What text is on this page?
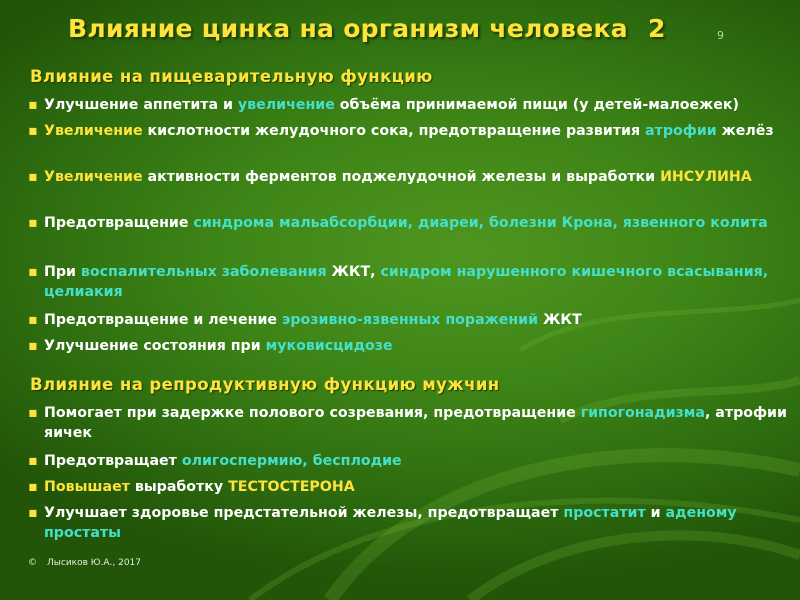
Влияние цинка на организм человека 2	9
Влияние на пищеварительную функцию
▪ Улучшение аппетита и увеличение объёма принимаемой пищи (у детей-малоежек)
▪ Увеличение кислотности желудочного сока, предотвращение развития атрофии желёз
▪ Увеличение активности ферментов поджелудочной железы и выработки ИНСУЛИНА
▪ Предотвращение синдрома мальабсорбции, диареи, болезни Крона, язвенного колита
▪ При воспалительных заболевания ЖКТ, синдром нарушенного кишечного всасывания, целиакия
▪ Предотвращение и лечение эрозивно-язвенных поражений ЖКТ
▪ Улучшение состояния при муковисцидозе
Влияние на репродуктивную функцию мужчин
▪ Помогает при задержке полового созревания, предотвращение гипогонадизма, атрофии яичек
▪ Предотвращает олигоспермию, бесплодие
▪ Повышает выработку ТЕСТОСТЕРОНА
▪ Улучшает здоровье предстательной железы, предотвращает простатит и аденому простаты
© Лысиков Ю.А., 2017
